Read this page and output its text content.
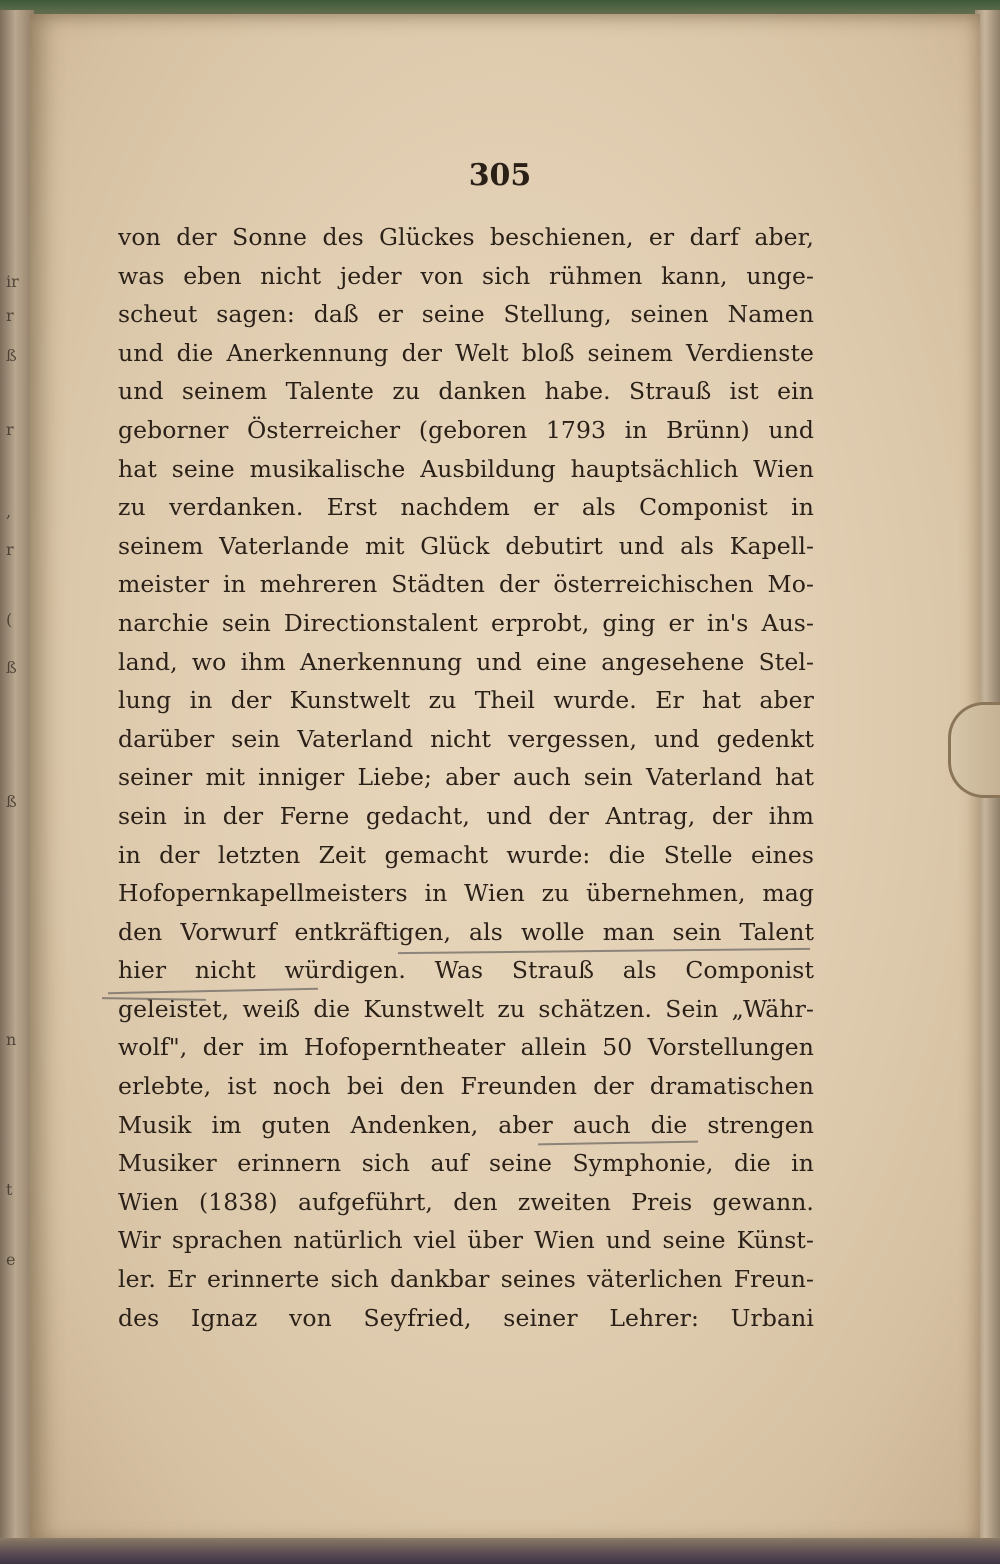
ir
r
ß
r
,
r
(
ß
ß
n
t
e
305
von der Sonne des Glückes beschienen, er darf aber,
was eben nicht jeder von sich rühmen kann, unge-
scheut sagen: daß er seine Stellung, seinen Namen
und die Anerkennung der Welt bloß seinem Verdienste
und seinem Talente zu danken habe. Strauß ist ein
geborner Österreicher (geboren 1793 in Brünn) und
hat seine musikalische Ausbildung hauptsächlich Wien
zu verdanken. Erst nachdem er als Componist in
seinem Vaterlande mit Glück debutirt und als Kapell-
meister in mehreren Städten der österreichischen Mo-
narchie sein Directionstalent erprobt, ging er in's Aus-
land, wo ihm Anerkennung und eine angesehene Stel-
lung in der Kunstwelt zu Theil wurde. Er hat aber
darüber sein Vaterland nicht vergessen, und gedenkt
seiner mit inniger Liebe; aber auch sein Vaterland hat
sein in der Ferne gedacht, und der Antrag, der ihm
in der letzten Zeit gemacht wurde: die Stelle eines
Hofopernkapellmeisters in Wien zu übernehmen, mag
den Vorwurf entkräftigen, als wolle man sein Talent
hier nicht würdigen. Was Strauß als Componist
geleistet, weiß die Kunstwelt zu schätzen. Sein „Währ-
wolf", der im Hofoperntheater allein 50 Vorstellungen
erlebte, ist noch bei den Freunden der dramatischen
Musik im guten Andenken, aber auch die strengen
Musiker erinnern sich auf seine Symphonie, die in
Wien (1838) aufgeführt, den zweiten Preis gewann.
Wir sprachen natürlich viel über Wien und seine Künst-
ler. Er erinnerte sich dankbar seines väterlichen Freun-
des Ignaz von Seyfried, seiner Lehrer: Urbani
